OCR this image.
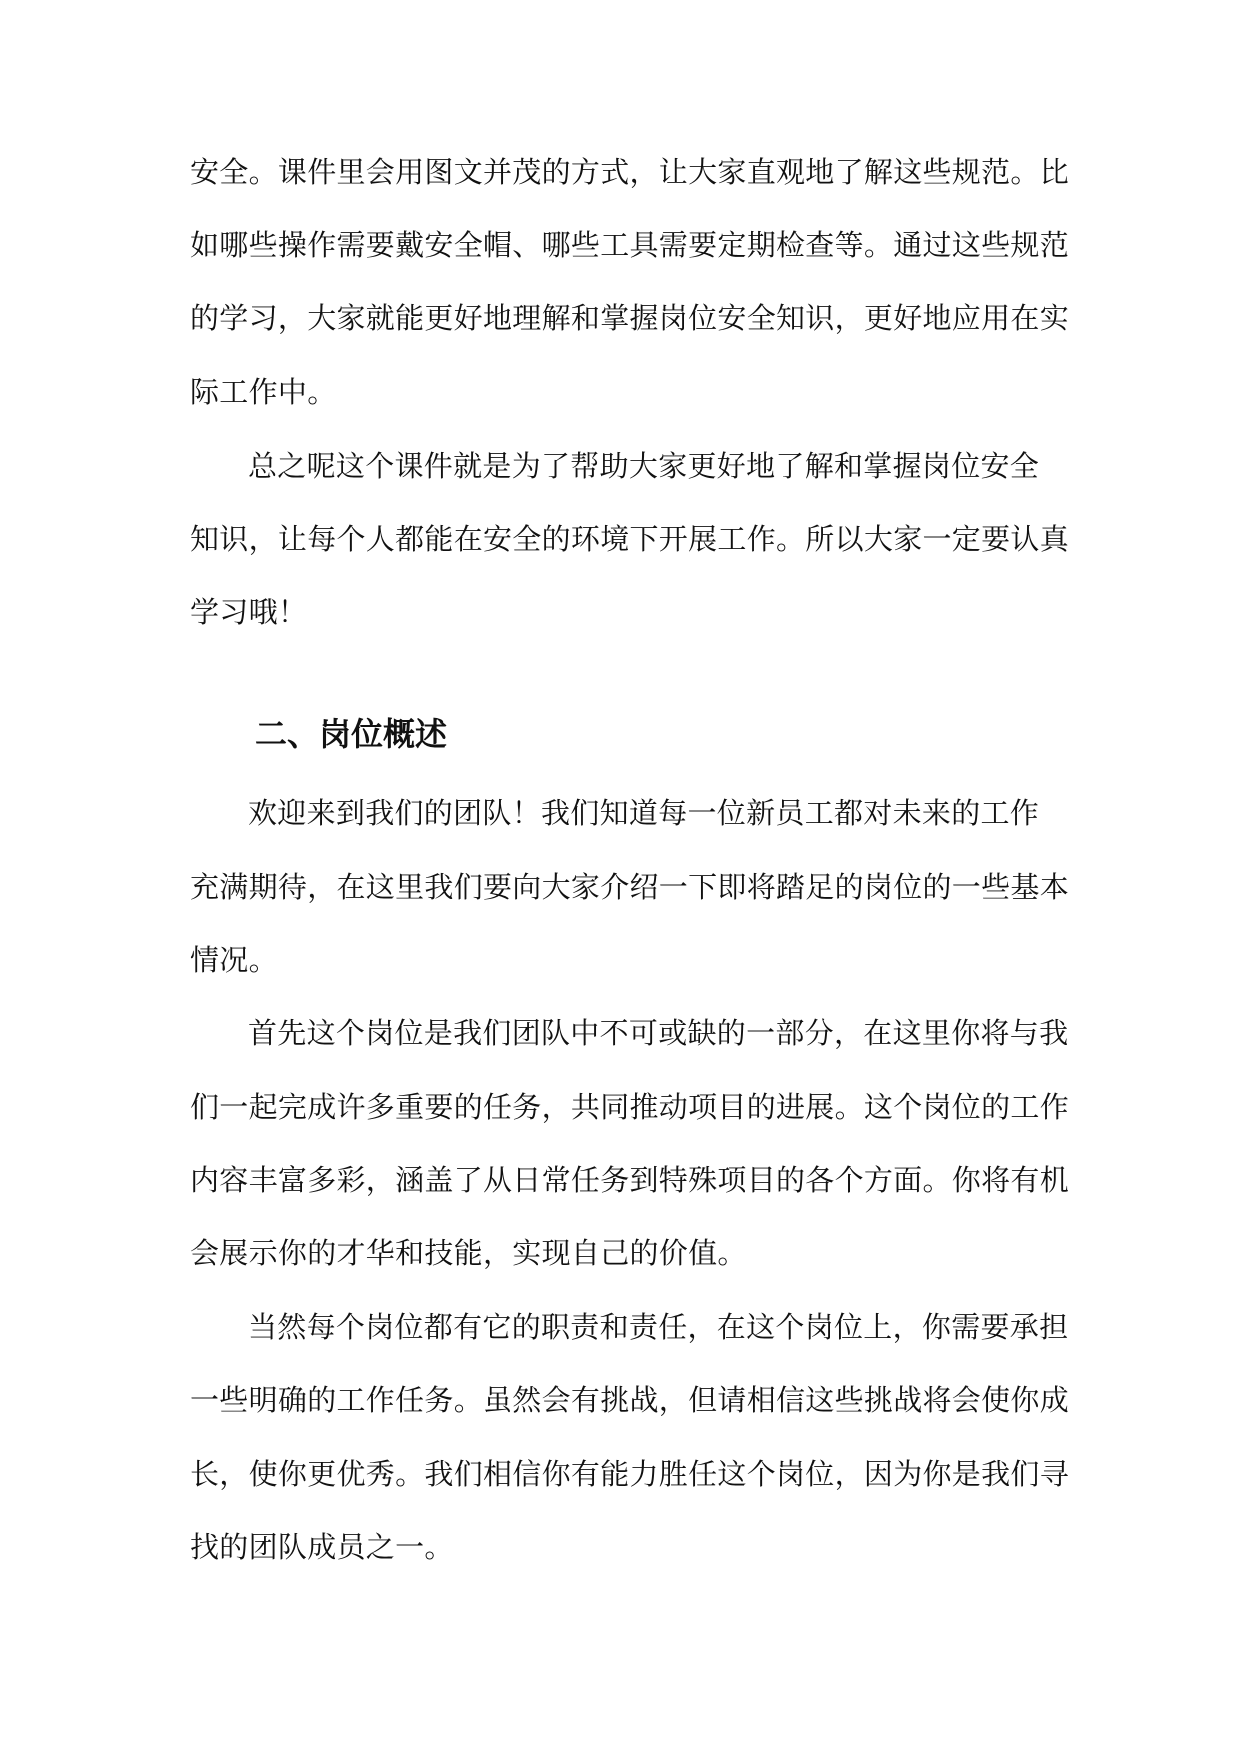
安全。课件里会用图文并茂的方式，让大家直观地了解这些规范。比
如哪些操作需要戴安全帽、哪些工具需要定期检查等。通过这些规范
的学习，大家就能更好地理解和掌握岗位安全知识，更好地应用在实
际工作中。
总之呢这个课件就是为了帮助大家更好地了解和掌握岗位安全
知识，让每个人都能在安全的环境下开展工作。所以大家一定要认真
学习哦！
二、岗位概述
欢迎来到我们的团队！我们知道每一位新员工都对未来的工作
充满期待，在这里我们要向大家介绍一下即将踏足的岗位的一些基本
情况。
首先这个岗位是我们团队中不可或缺的一部分，在这里你将与我
们一起完成许多重要的任务，共同推动项目的进展。这个岗位的工作
内容丰富多彩，涵盖了从日常任务到特殊项目的各个方面。你将有机
会展示你的才华和技能，实现自己的价值。
当然每个岗位都有它的职责和责任，在这个岗位上，你需要承担
一些明确的工作任务。虽然会有挑战，但请相信这些挑战将会使你成
长，使你更优秀。我们相信你有能力胜任这个岗位，因为你是我们寻
找的团队成员之一。
